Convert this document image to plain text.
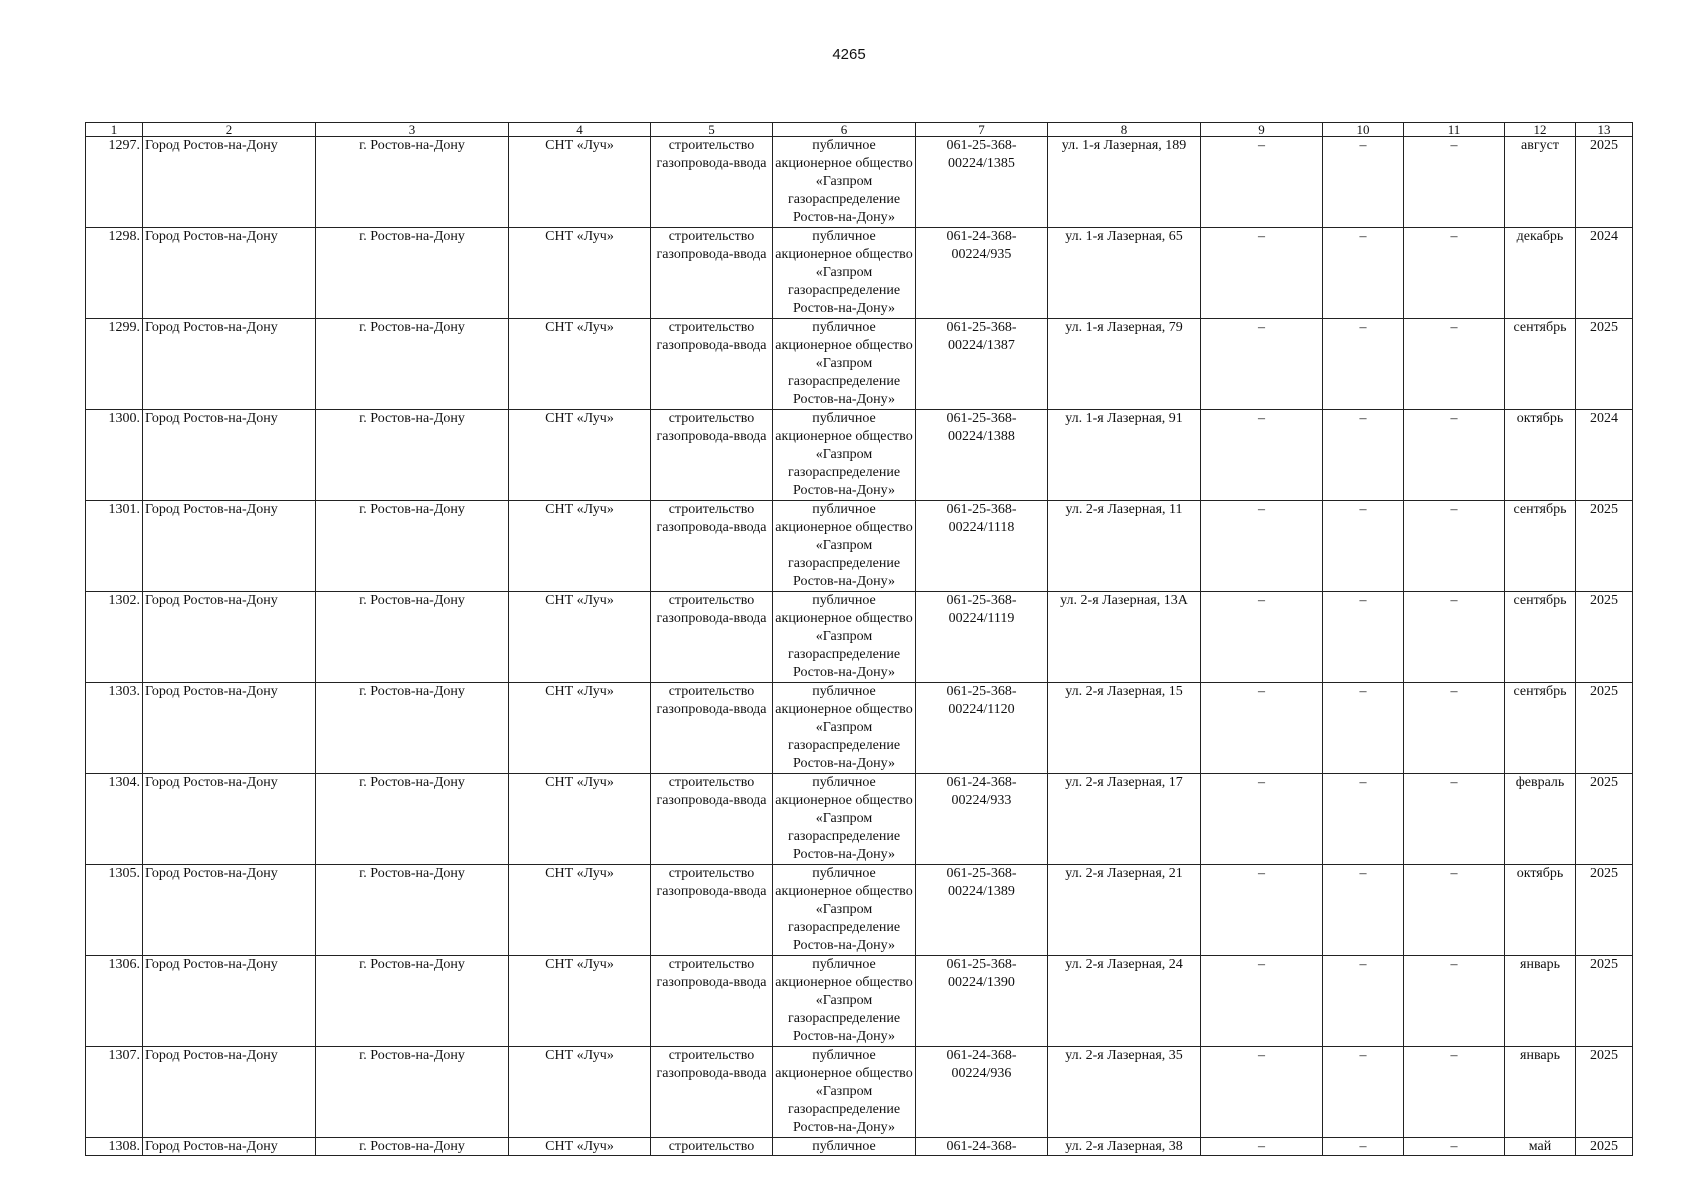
4265
1	2	3	4	5	6	7	8	9	10	11	12	13

1297.	Город Ростов-на-Дону	г. Ростов-на-Дону	СНТ «Луч»	строительство газопровода-ввода	публичное акционерное общество «Газпром газораспределение Ростов-на-Дону»	061-25-368-00224/1385	ул. 1-я Лазерная, 189	–	–	–	август	2025

1298.	Город Ростов-на-Дону	г. Ростов-на-Дону	СНТ «Луч»	строительство газопровода-ввода	публичное акционерное общество «Газпром газораспределение Ростов-на-Дону»	061-24-368-00224/935	ул. 1-я Лазерная, 65	–	–	–	декабрь	2024

1299.	Город Ростов-на-Дону	г. Ростов-на-Дону	СНТ «Луч»	строительство газопровода-ввода	публичное акционерное общество «Газпром газораспределение Ростов-на-Дону»	061-25-368-00224/1387	ул. 1-я Лазерная, 79	–	–	–	сентябрь	2025

1300.	Город Ростов-на-Дону	г. Ростов-на-Дону	СНТ «Луч»	строительство газопровода-ввода	публичное акционерное общество «Газпром газораспределение Ростов-на-Дону»	061-25-368-00224/1388	ул. 1-я Лазерная, 91	–	–	–	октябрь	2024

1301.	Город Ростов-на-Дону	г. Ростов-на-Дону	СНТ «Луч»	строительство газопровода-ввода	публичное акционерное общество «Газпром газораспределение Ростов-на-Дону»	061-25-368-00224/1118	ул. 2-я Лазерная, 11	–	–	–	сентябрь	2025

1302.	Город Ростов-на-Дону	г. Ростов-на-Дону	СНТ «Луч»	строительство газопровода-ввода	публичное акционерное общество «Газпром газораспределение Ростов-на-Дону»	061-25-368-00224/1119	ул. 2-я Лазерная, 13А	–	–	–	сентябрь	2025

1303.	Город Ростов-на-Дону	г. Ростов-на-Дону	СНТ «Луч»	строительство газопровода-ввода	публичное акционерное общество «Газпром газораспределение Ростов-на-Дону»	061-25-368-00224/1120	ул. 2-я Лазерная, 15	–	–	–	сентябрь	2025

1304.	Город Ростов-на-Дону	г. Ростов-на-Дону	СНТ «Луч»	строительство газопровода-ввода	публичное акционерное общество «Газпром газораспределение Ростов-на-Дону»	061-24-368-00224/933	ул. 2-я Лазерная, 17	–	–	–	февраль	2025

1305.	Город Ростов-на-Дону	г. Ростов-на-Дону	СНТ «Луч»	строительство газопровода-ввода	публичное акционерное общество «Газпром газораспределение Ростов-на-Дону»	061-25-368-00224/1389	ул. 2-я Лазерная, 21	–	–	–	октябрь	2025

1306.	Город Ростов-на-Дону	г. Ростов-на-Дону	СНТ «Луч»	строительство газопровода-ввода	публичное акционерное общество «Газпром газораспределение Ростов-на-Дону»	061-25-368-00224/1390	ул. 2-я Лазерная, 24	–	–	–	январь	2025

1307.	Город Ростов-на-Дону	г. Ростов-на-Дону	СНТ «Луч»	строительство газопровода-ввода	публичное акционерное общество «Газпром газораспределение Ростов-на-Дону»	061-24-368-00224/936	ул. 2-я Лазерная, 35	–	–	–	январь	2025

1308.	Город Ростов-на-Дону	г. Ростов-на-Дону	СНТ «Луч»	строительство	публичное	061-24-368-	ул. 2-я Лазерная, 38	–	–	–	май	2025
